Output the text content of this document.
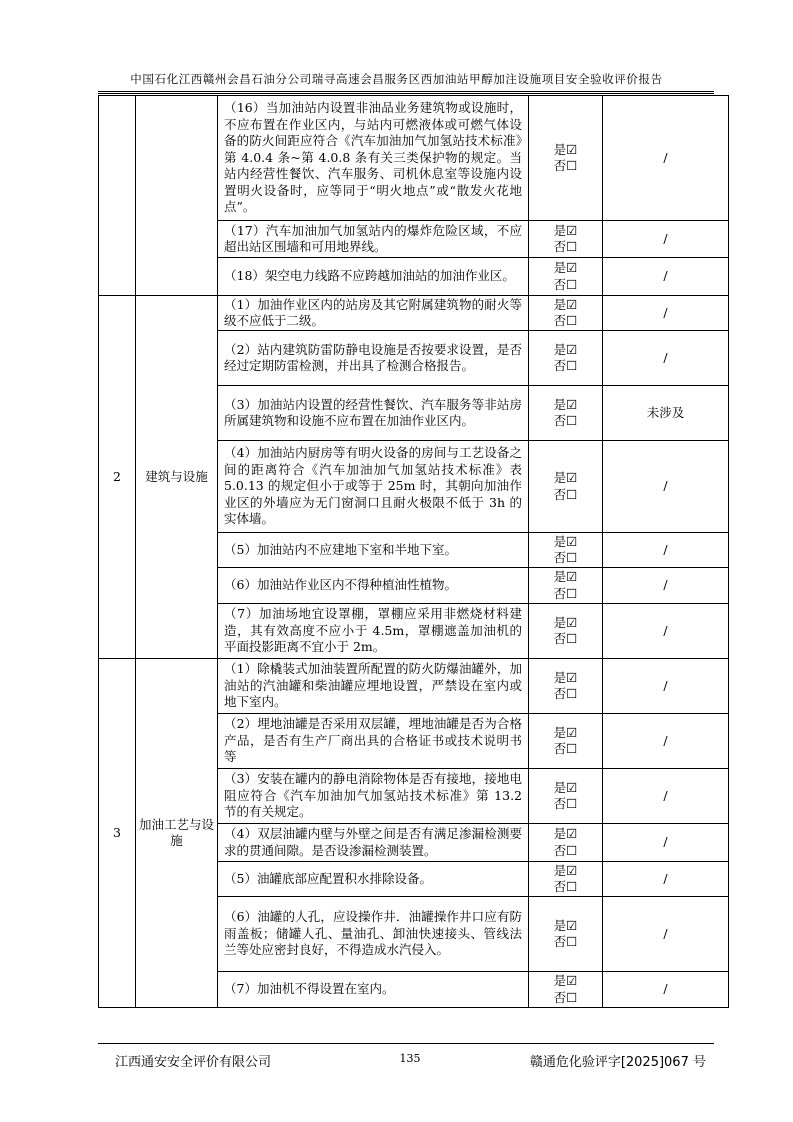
中国石化江西赣州会昌石油分公司瑞寻高速会昌服务区西加油站甲醇加注设施项目安全验收评价报告
		（16）当加油站内设置非油品业务建筑物或设施时，不应布置在作业区内，与站内可燃液体或可燃气体设备的防火间距应符合《汽车加油加气加氢站技术标准》第 4.0.4 条~第 4.0.8 条有关三类保护物的规定。当站内经营性餐饮、汽车服务、司机休息室等设施内设置明火设备时，应等同于“明火地点”或“散发火花地点”。	是☑
否☐	/
		（17）汽车加油加气加氢站内的爆炸危险区域，不应超出站区围墙和可用地界线。	是☑
否☐	/
		（18）架空电力线路不应跨越加油站的加油作业区。	是☑
否☐	/
2	建筑与设施	（1）加油作业区内的站房及其它附属建筑物的耐火等级不应低于二级。	是☑
否☐	/
		（2）站内建筑防雷防静电设施是否按要求设置，是否经过定期防雷检测，并出具了检测合格报告。	是☑
否☐	/
		（3）加油站内设置的经营性餐饮、汽车服务等非站房所属建筑物和设施不应布置在加油作业区内。	是☑
否☐	未涉及
		（4）加油站内厨房等有明火设备的房间与工艺设备之间的距离符合《汽车加油加气加氢站技术标准》表 5.0.13 的规定但小于或等于 25m 时，其朝向加油作业区的外墙应为无门窗洞口且耐火极限不低于 3h 的实体墙。	是☑
否☐	/
		（5）加油站内不应建地下室和半地下室。	是☑
否☐	/
		（6）加油站作业区内不得种植油性植物。	是☑
否☐	/
		（7）加油场地宜设罩棚，罩棚应采用非燃烧材料建造，其有效高度不应小于 4.5m，罩棚遮盖加油机的平面投影距离不宜小于 2m。	是☑
否☐	/
3	加油工艺与设施	（1）除橇装式加油装置所配置的防火防爆油罐外，加油站的汽油罐和柴油罐应埋地设置，严禁设在室内或地下室内。	是☑
否☐	/
		（2）埋地油罐是否采用双层罐，埋地油罐是否为合格产品，是否有生产厂商出具的合格证书或技术说明书等	是☑
否☐	/
		（3）安装在罐内的静电消除物体是否有接地，接地电阻应符合《汽车加油加气加氢站技术标准》第 13.2 节的有关规定。	是☑
否☐	/
		（4）双层油罐内壁与外壁之间是否有满足渗漏检测要求的贯通间隙。是否设渗漏检测装置。	是☑
否☐	/
		（5）油罐底部应配置积水排除设备。	是☑
否☐	/
		（6）油罐的人孔，应设操作井．油罐操作井口应有防雨盖板；储罐人孔、量油孔、卸油快速接头、管线法兰等处应密封良好，不得造成水汽侵入。	是☑
否☐	/
		（7）加油机不得设置在室内。	是☑
否☐	/
江西通安安全评价有限公司	135	赣通危化验评字[2025]067 号
